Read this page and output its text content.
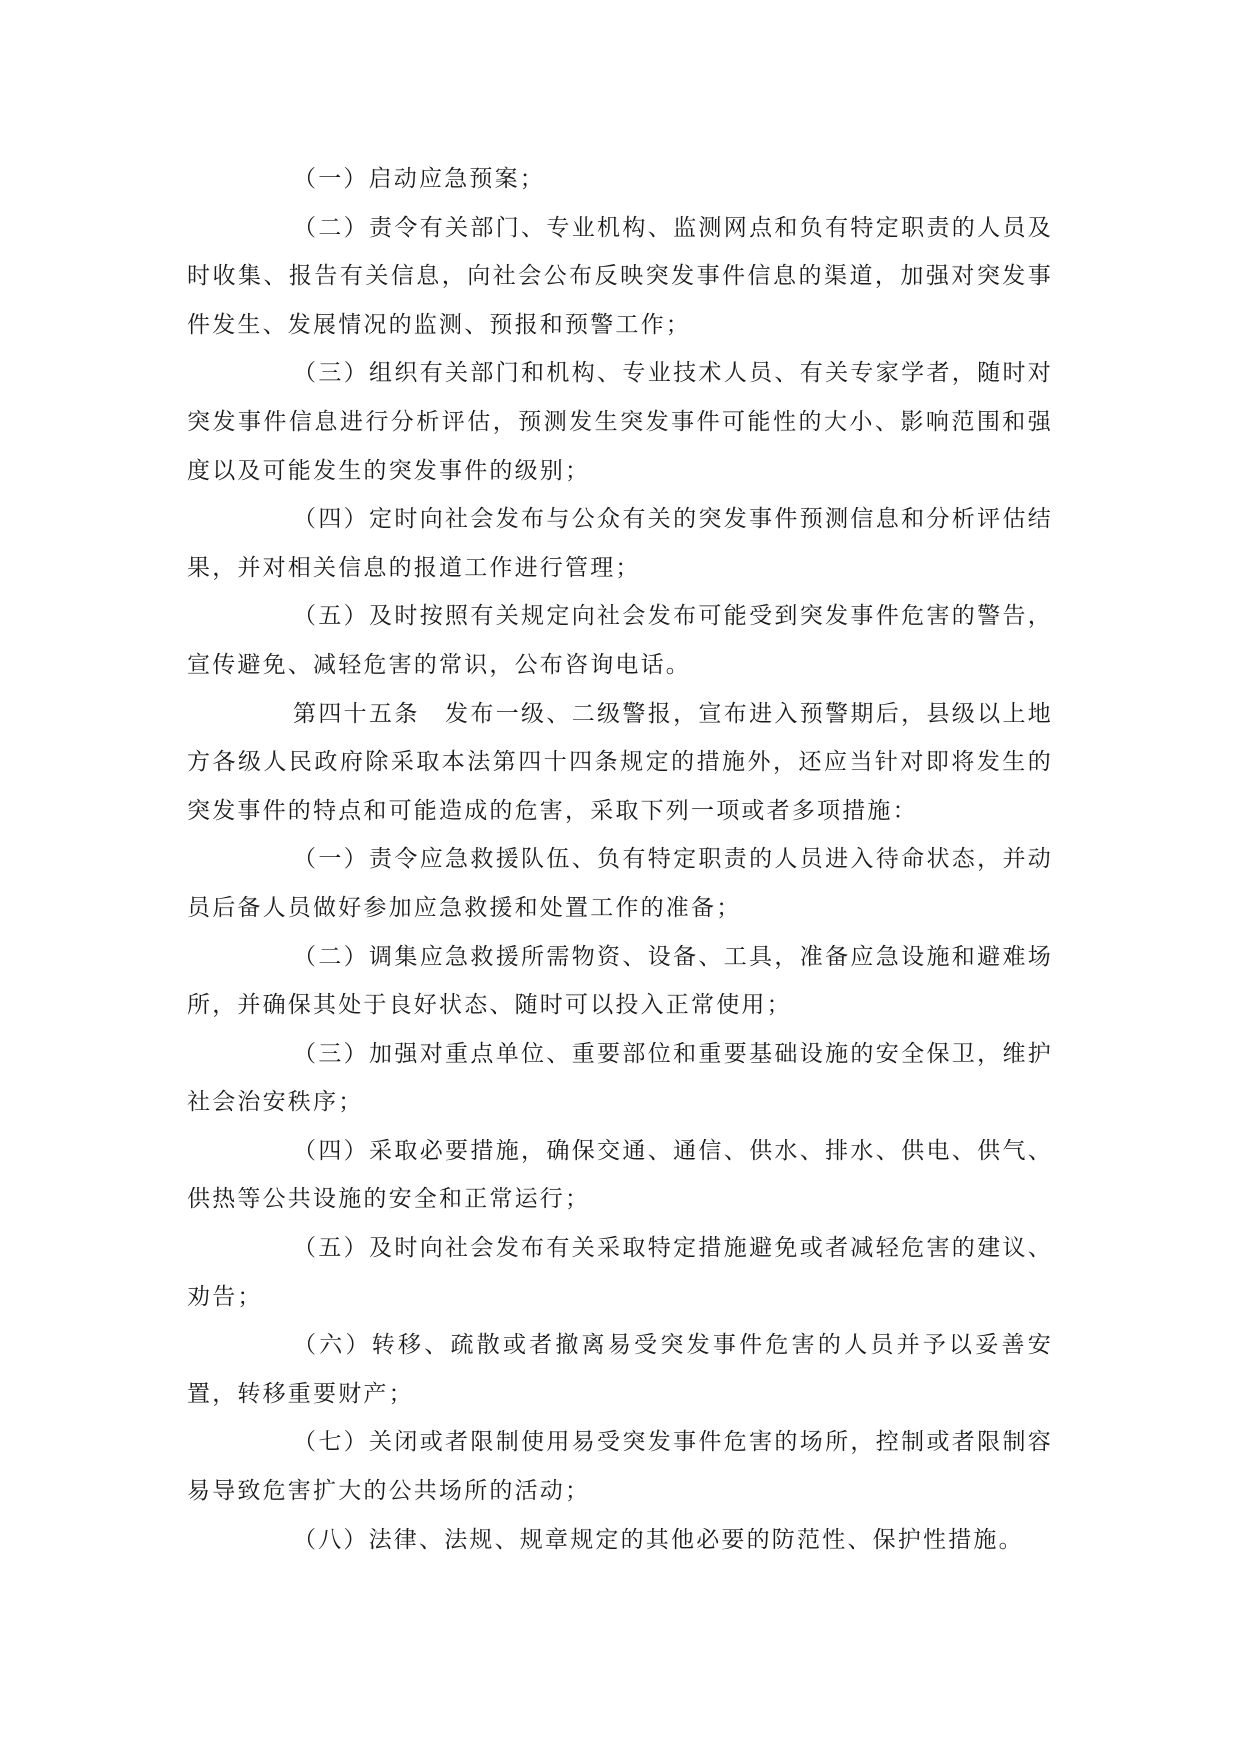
（一）启动应急预案；

（二）责令有关部门、专业机构、监测网点和负有特定职责的人员及时收集、报告有关信息，向社会公布反映突发事件信息的渠道，加强对突发事件发生、发展情况的监测、预报和预警工作；

（三）组织有关部门和机构、专业技术人员、有关专家学者，随时对突发事件信息进行分析评估，预测发生突发事件可能性的大小、影响范围和强度以及可能发生的突发事件的级别；

（四）定时向社会发布与公众有关的突发事件预测信息和分析评估结果，并对相关信息的报道工作进行管理；

（五）及时按照有关规定向社会发布可能受到突发事件危害的警告，宣传避免、减轻危害的常识，公布咨询电话。

第四十五条　发布一级、二级警报，宣布进入预警期后，县级以上地方各级人民政府除采取本法第四十四条规定的措施外，还应当针对即将发生的突发事件的特点和可能造成的危害，采取下列一项或者多项措施：

（一）责令应急救援队伍、负有特定职责的人员进入待命状态，并动员后备人员做好参加应急救援和处置工作的准备；

（二）调集应急救援所需物资、设备、工具，准备应急设施和避难场所，并确保其处于良好状态、随时可以投入正常使用；

（三）加强对重点单位、重要部位和重要基础设施的安全保卫，维护社会治安秩序；

（四）采取必要措施，确保交通、通信、供水、排水、供电、供气、供热等公共设施的安全和正常运行；

（五）及时向社会发布有关采取特定措施避免或者减轻危害的建议、劝告；

（六）转移、疏散或者撤离易受突发事件危害的人员并予以妥善安置，转移重要财产；

（七）关闭或者限制使用易受突发事件危害的场所，控制或者限制容易导致危害扩大的公共场所的活动；

（八）法律、法规、规章规定的其他必要的防范性、保护性措施。
